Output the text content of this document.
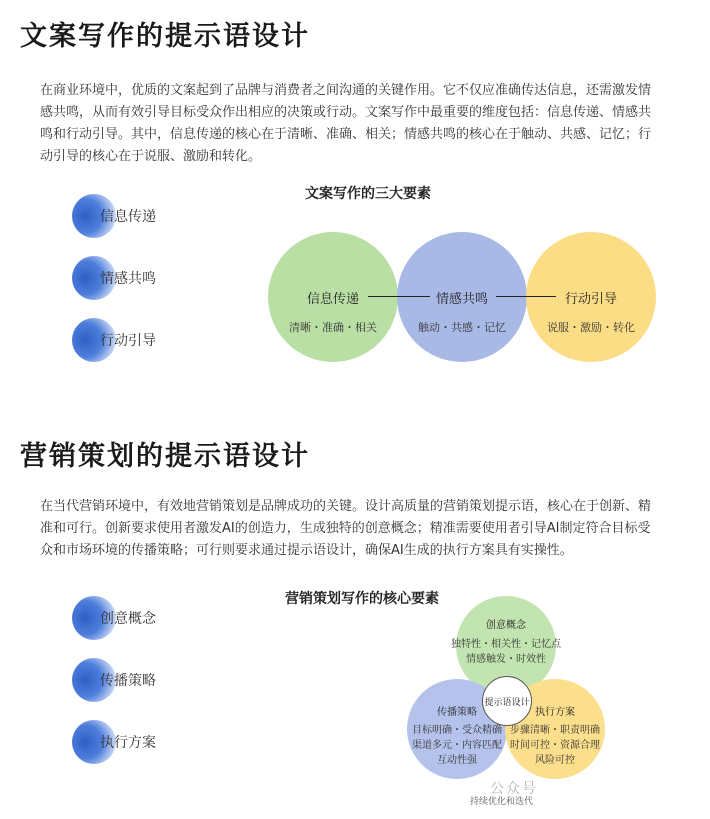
文案写作的提示语设计

在商业环境中，优质的文案起到了品牌与消费者之间沟通的关键作用。它不仅应准确传达信息，还需激发情

感共鸣，从而有效引导目标受众作出相应的决策或行动。文案写作中最重要的维度包括：信息传递、情感共

鸣和行动引导。其中，信息传递的核心在于清晰、准确、相关；情感共鸣的核心在于触动、共感、记忆；行

动引导的核心在于说服、激励和转化。

信息传递
情感共鸣
行动引导
文案写作的三大要素
信息传递
清晰・准确・相关
情感共鸣
触动・共感・记忆
行动引导
说服・激励・转化
营销策划的提示语设计

在当代营销环境中，有效地营销策划是品牌成功的关键。设计高质量的营销策划提示语，核心在于创新、精

准和可行。创新要求使用者激发AI的创造力，生成独特的创意概念；精准需要使用者引导AI制定符合目标受

众和市场环境的传播策略；可行则要求通过提示语设计，确保AI生成的执行方案具有实操性。

创意概念
传播策略
执行方案
营销策划写作的核心要素
创意概念
独特性・相关性・记忆点
情感触发・时效性
传播策略
目标明确・受众精确
渠道多元・内容匹配
互动性强
执行方案
步骤清晰・职责明确
时间可控・资源合理
风险可控
提示语设计
公众号
持续优化和迭代
